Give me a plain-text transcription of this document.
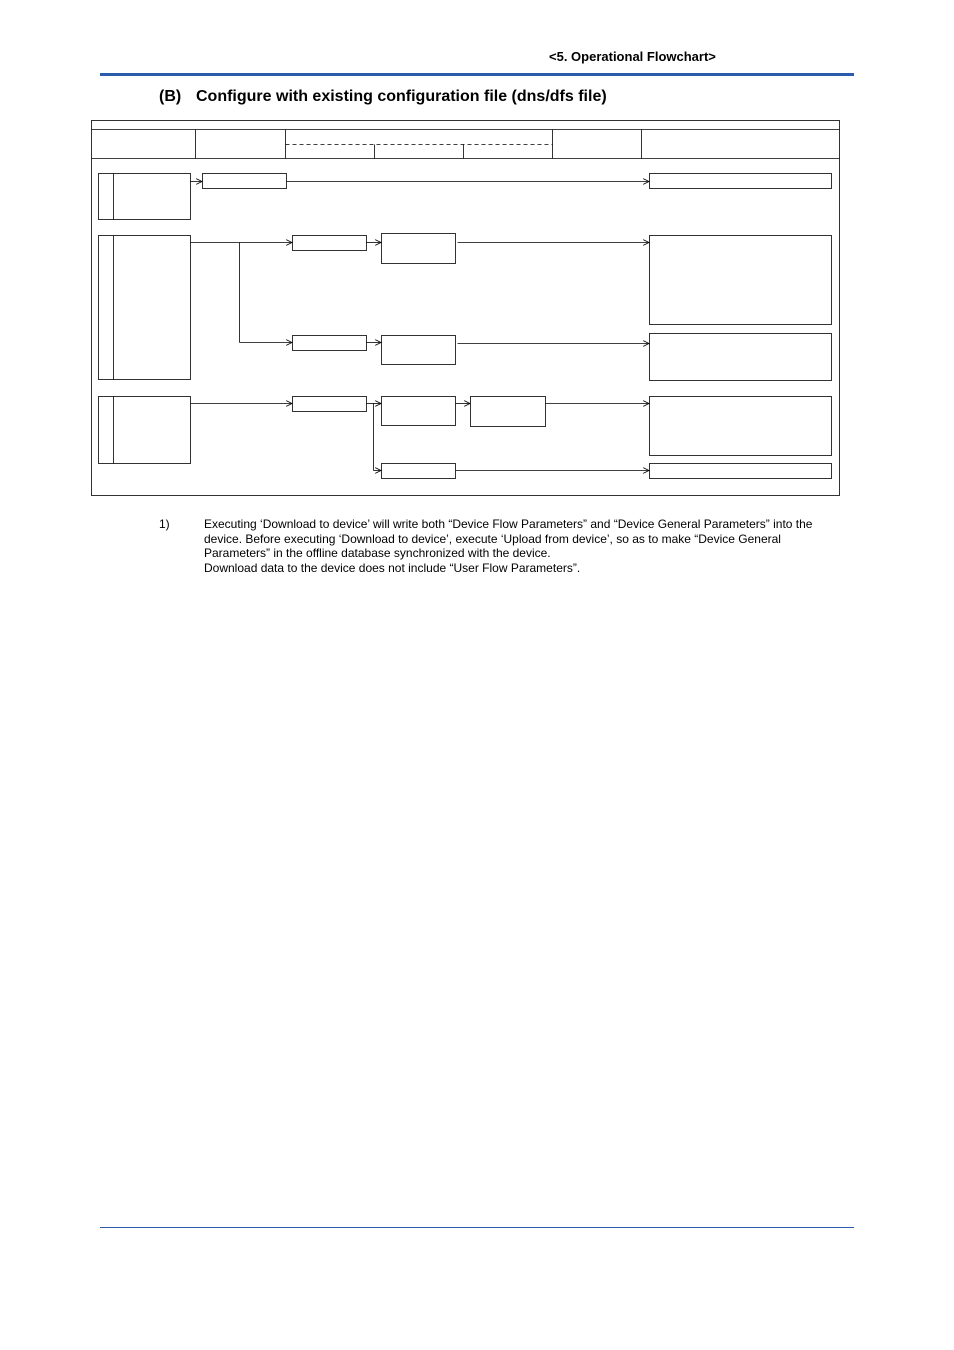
<5. Operational Flowchart>
(B) Configure with existing configuration file (dns/dfs file)
1)	Executing ‘Download to device’ will write both “Device Flow Parameters” and “Device General Parameters” into the device. Before executing ‘Download to device’, execute ‘Upload from device’, so as to make “Device General Parameters” in the offline database synchronized with the device.

Download data to the device does not include “User Flow Parameters”.
